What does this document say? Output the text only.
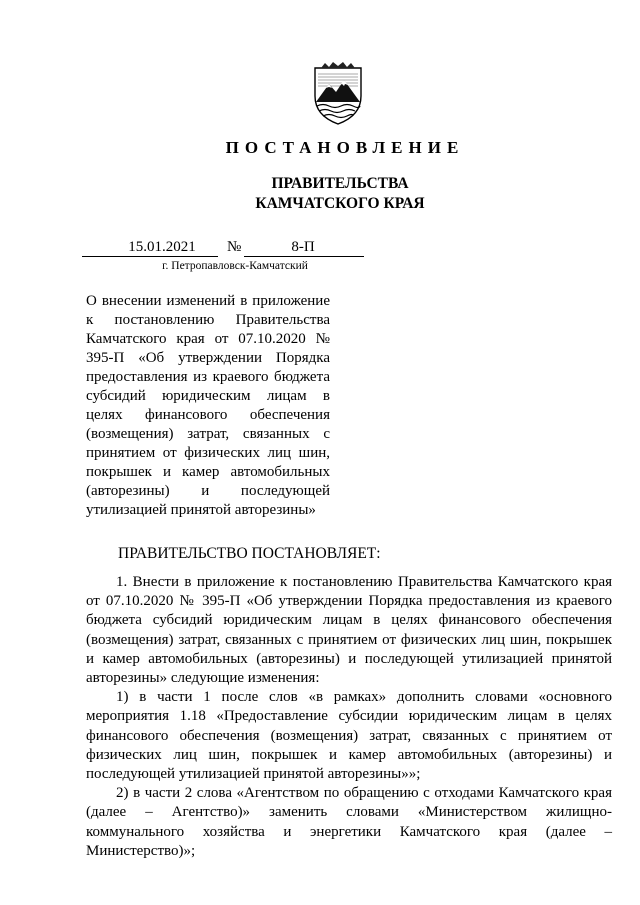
ПОСТАНОВЛЕНИЕ
ПРАВИТЕЛЬСТВА
КАМЧАТСКОГО КРАЯ
15.01.2021	№	8-П
г. Петропавловск-Камчатский
О внесении изменений в приложение к постановлению Правительства Камчатского края от 07.10.2020 № 395-П «Об утверждении Порядка предоставления из краевого бюджета субсидий юридическим лицам в целях финансового обеспечения (возмещения) затрат, связанных с принятием от физических лиц шин, покрышек и камер автомобильных (авторезины) и последующей утилизацией принятой авторезины»
ПРАВИТЕЛЬСТВО ПОСТАНОВЛЯЕТ:

1. Внести в приложение к постановлению Правительства Камчатского края от 07.10.2020 № 395-П «Об утверждении Порядка предоставления из краевого бюджета субсидий юридическим лицам в целях финансового обеспечения (возмещения) затрат, связанных с принятием от физических лиц шин, покрышек и камер автомобильных (авторезины) и последующей утилизацией принятой авторезины» следующие изменения:

1) в части 1 после слов «в рамках» дополнить словами «основного мероприятия 1.18 «Предоставление субсидии юридическим лицам в целях финансового обеспечения (возмещения) затрат, связанных с принятием от физических лиц шин, покрышек и камер автомобильных (авторезины) и последующей утилизацией принятой авторезины»»;

2) в части 2 слова «Агентством по обращению с отходами Камчатского края (далее – Агентство)» заменить словами «Министерством жилищно-коммунального хозяйства и энергетики Камчатского края (далее – Министерство)»;
